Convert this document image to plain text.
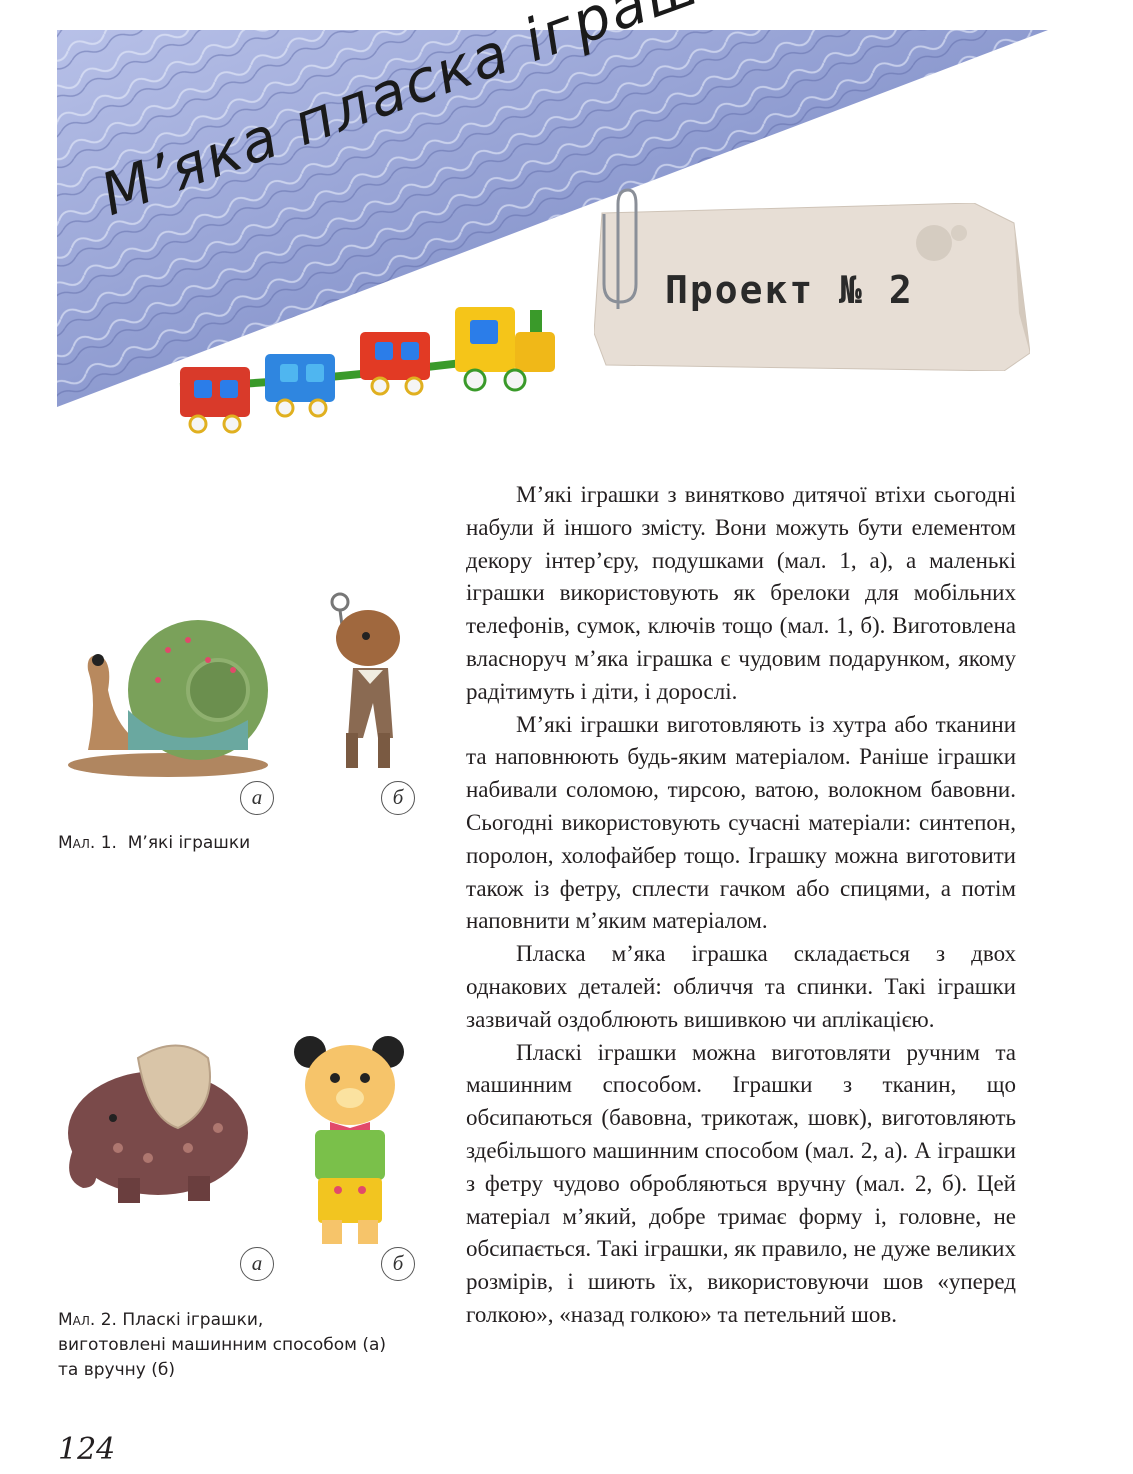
Проект № 2

М’які іграшки з винятково дитячої втіхи сьогодні набули й іншого змісту. Вони можуть бути елементом декору інтер’єру, подушками (мал. 1, а), а маленькі іграшки використовують як брелоки для мобільних телефонів, сумок, ключів тощо (мал. 1, б). Виготовлена власноруч м’яка іграшка є чудовим подарунком, якому радітимуть і діти, і дорослі.

М’які іграшки виготовляють із хутра або тканини та наповнюють будь-яким матеріалом. Раніше іграшки набивали соломою, тирсою, ватою, волокном бавовни. Сьогодні використовують сучасні матеріали: синтепон, поролон, холофайбер тощо. Іграшку можна виготовити також із фетру, сплести гачком або спицями, а потім наповнити м’яким матеріалом.

Пласка м’яка іграшка складається з двох однакових деталей: обличчя та спинки. Такі іграшки зазвичай оздоблюють вишивкою чи аплікацією.

Пласкі іграшки можна виготовляти ручним та машинним способом. Іграшки з тканин, що обсипаються (бавовна, трикотаж, шовк), виготовляють здебільшого машинним способом (мал. 2, а). А іграшки з фетру чудово обробляються вручну (мал. 2, б). Цей матеріал м’який, добре тримає форму і, головне, не обсипається. Такі іграшки, як правило, не дуже великих розмірів, і шиють їх, використовуючи шов «уперед голкою», «назад голкою» та петельний шов.

а	б
Мал. 1. М’які іграшки
а	б
Мал. 2. Пласкі іграшки,
виготовлені машинним способом (а)
та вручну (б)
124
